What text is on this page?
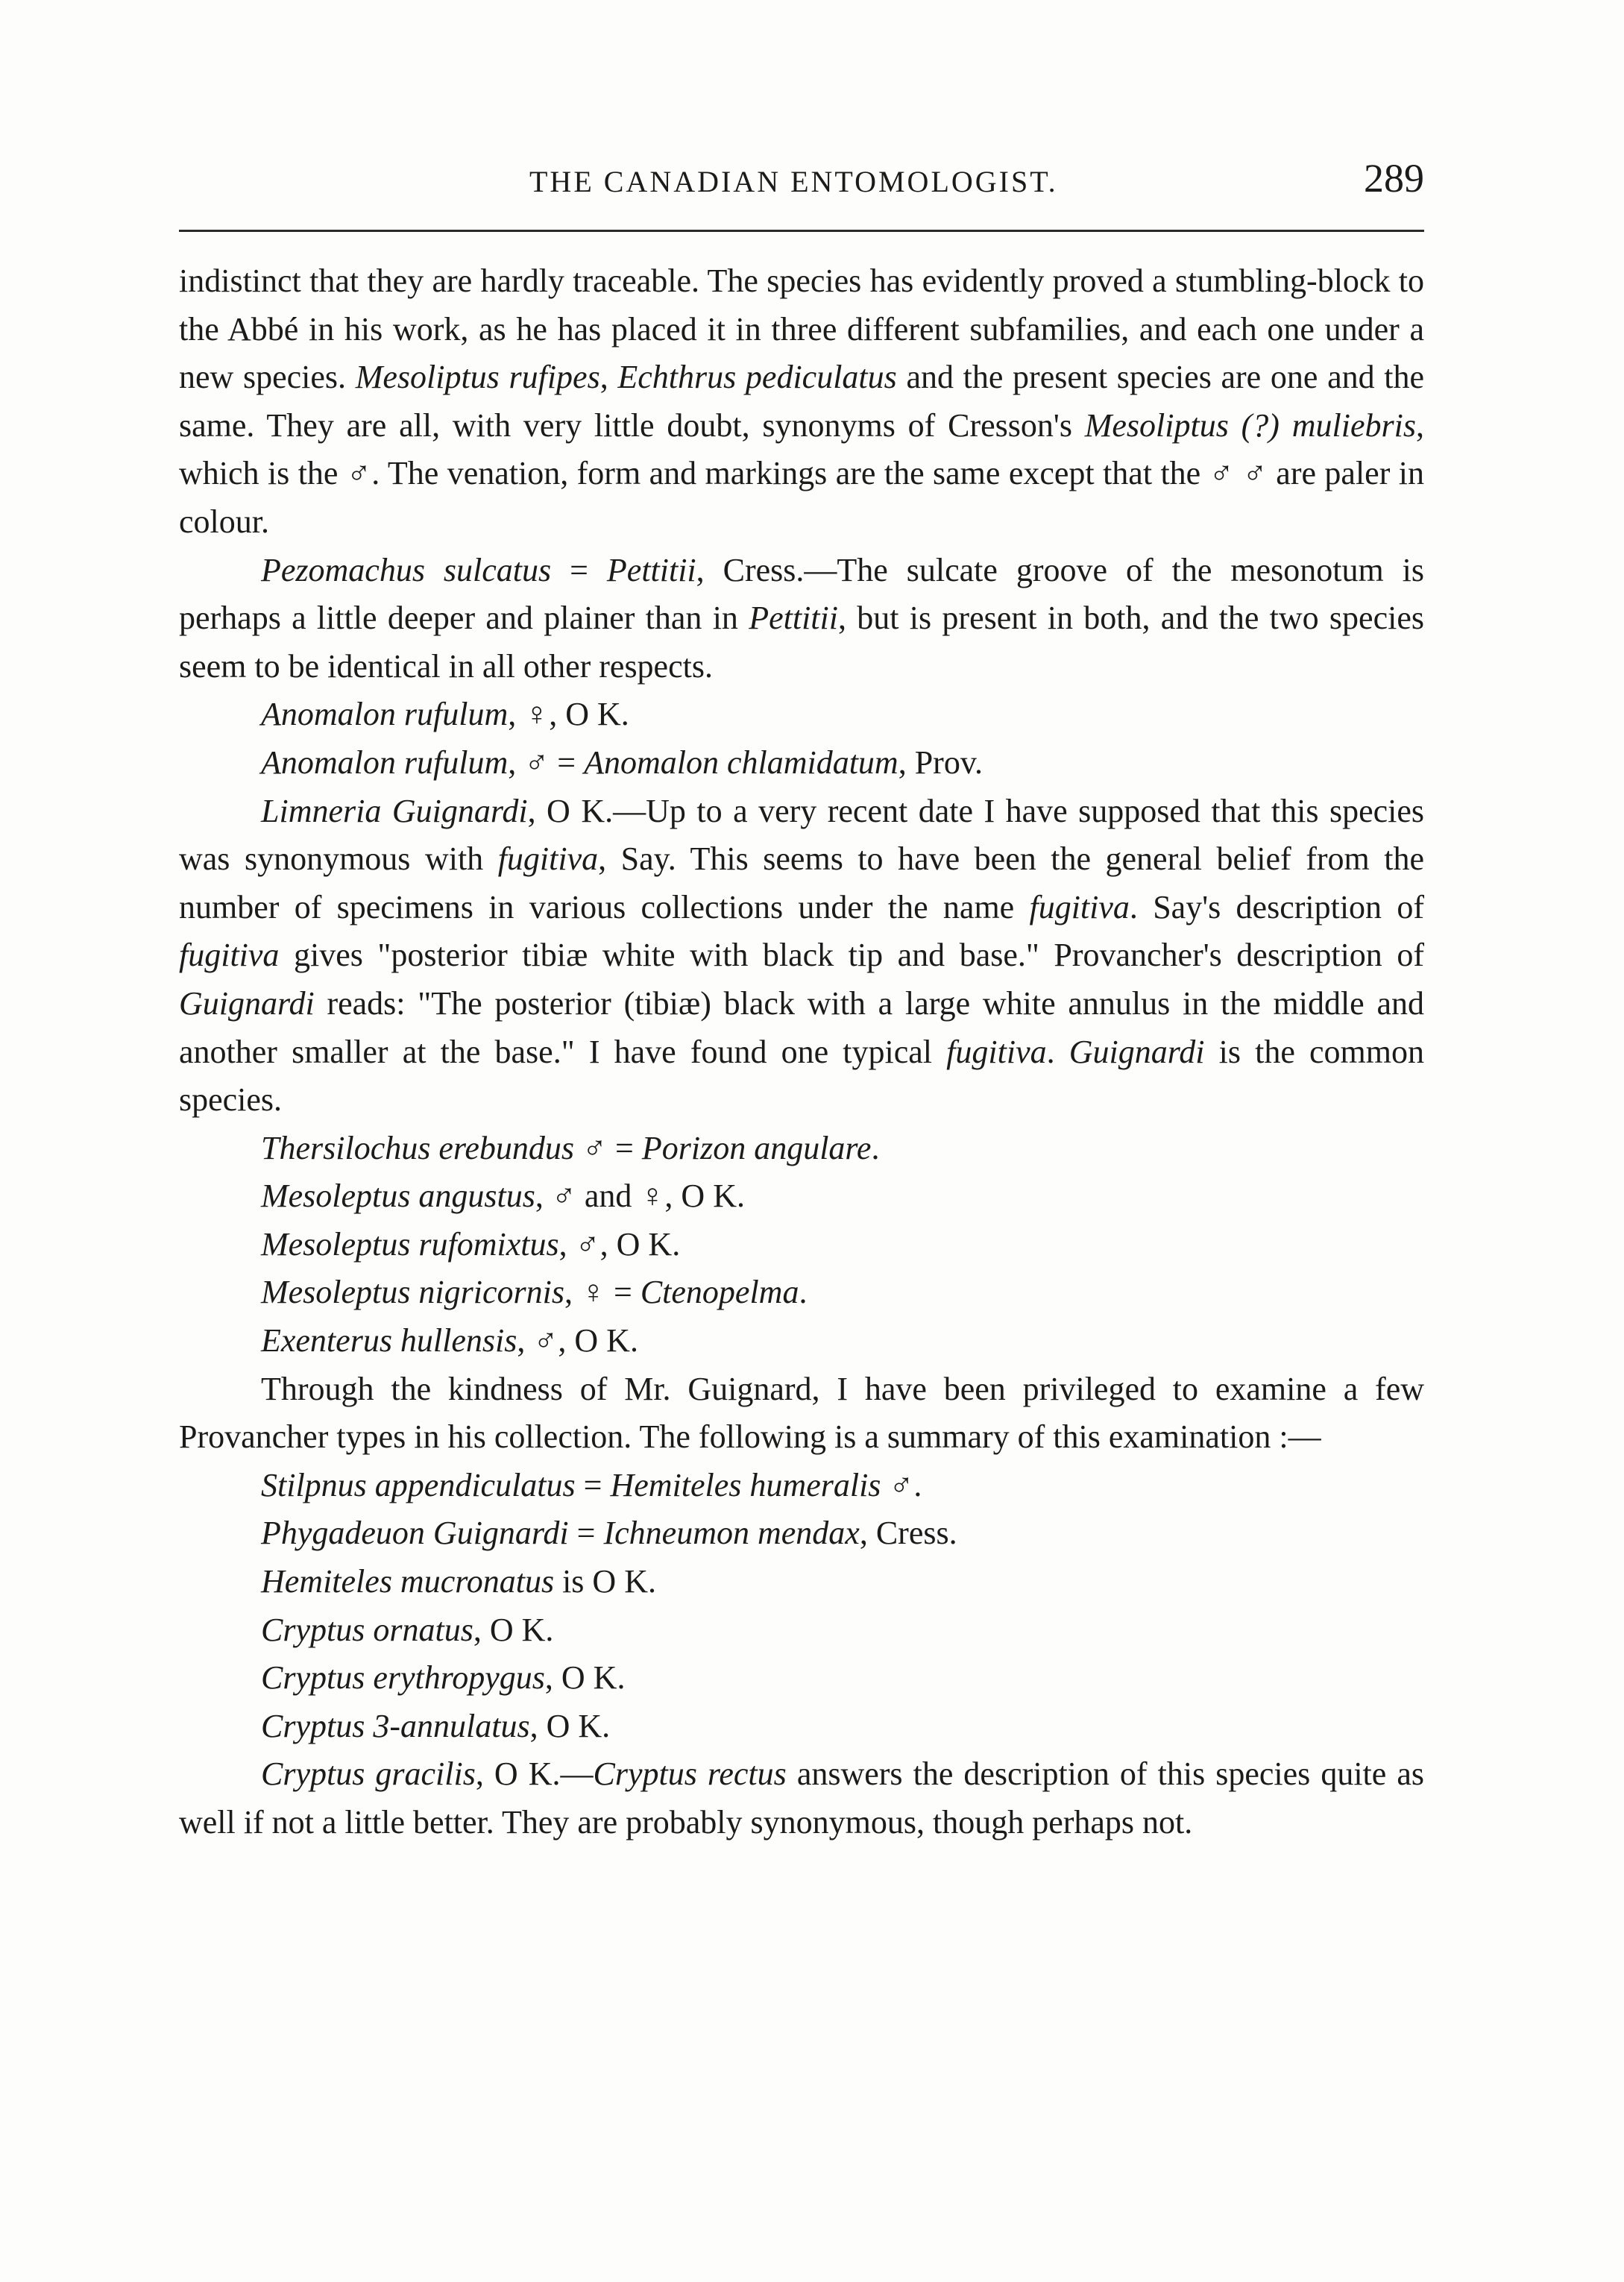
THE CANADIAN ENTOMOLOGIST.	289

indistinct that they are hardly traceable. The species has evidently proved a stumbling-block to the Abbé in his work, as he has placed it in three different subfamilies, and each one under a new species. Mesoliptus rufipes, Echthrus pediculatus and the present species are one and the same. They are all, with very little doubt, synonyms of Cresson's Mesoliptus (?) muliebris, which is the ♂. The venation, form and markings are the same except that the ♂ ♂ are paler in colour.

Pezomachus sulcatus = Pettitii, Cress.—The sulcate groove of the mesonotum is perhaps a little deeper and plainer than in Pettitii, but is present in both, and the two species seem to be identical in all other respects.

Anomalon rufulum, ♀, O K.

Anomalon rufulum, ♂ = Anomalon chlamidatum, Prov.

Limneria Guignardi, O K.—Up to a very recent date I have supposed that this species was synonymous with fugitiva, Say. This seems to have been the general belief from the number of specimens in various collections under the name fugitiva. Say's description of fugitiva gives "posterior tibiæ white with black tip and base." Provancher's description of Guignardi reads: "The posterior (tibiæ) black with a large white annulus in the middle and another smaller at the base." I have found one typical fugitiva. Guignardi is the common species.

Thersilochus erebundus ♂ = Porizon angulare.

Mesoleptus angustus, ♂ and ♀, O K.

Mesoleptus rufomixtus, ♂, O K.

Mesoleptus nigricornis, ♀ = Ctenopelma.

Exenterus hullensis, ♂, O K.

Through the kindness of Mr. Guignard, I have been privileged to examine a few Provancher types in his collection. The following is a summary of this examination :—

Stilpnus appendiculatus = Hemiteles humeralis ♂.

Phygadeuon Guignardi = Ichneumon mendax, Cress.

Hemiteles mucronatus is O K.

Cryptus ornatus, O K.

Cryptus erythropygus, O K.

Cryptus 3-annulatus, O K.

Cryptus gracilis, O K.—Cryptus rectus answers the description of this species quite as well if not a little better. They are probably synonymous, though perhaps not.
